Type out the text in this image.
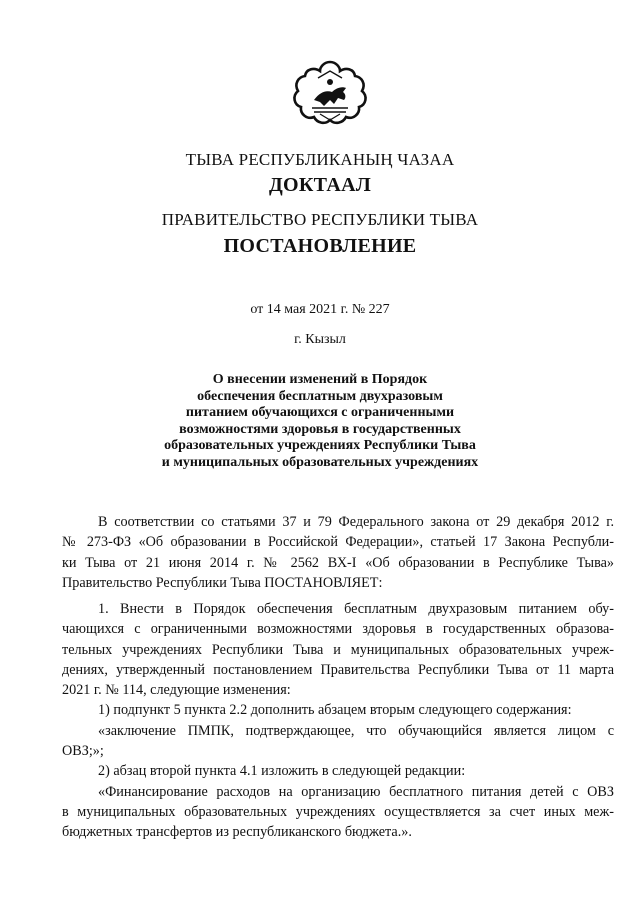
ТЫВА РЕСПУБЛИКАНЫҢ ЧАЗАА
ДОКТААЛ
ПРАВИТЕЛЬСТВО РЕСПУБЛИКИ ТЫВА
ПОСТАНОВЛЕНИЕ
от 14 мая 2021 г. № 227
г. Кызыл
О внесении изменений в Порядок
обеспечения бесплатным двухразовым
питанием обучающихся с ограниченными
возможностями здоровья в государственных
образовательных учреждениях Республики Тыва
и муниципальных образовательных учреждениях
В соответствии со статьями 37 и 79 Федерального закона от 29 декабря 2012 г.
№ 273-ФЗ «Об образовании в Российской Федерации», статьей 17 Закона Республи-
ки Тыва от 21 июня 2014 г. № 2562 ВХ-I «Об образовании в Республике Тыва»
Правительство Республики Тыва ПОСТАНОВЛЯЕТ:
1. Внести в Порядок обеспечения бесплатным двухразовым питанием обу-
чающихся с ограниченными возможностями здоровья в государственных образова-
тельных учреждениях Республики Тыва и муниципальных образовательных учреж-
дениях, утвержденный постановлением Правительства Республики Тыва от 11 марта
2021 г. № 114, следующие изменения:
1) подпункт 5 пункта 2.2 дополнить абзацем вторым следующего содержания:
«заключение ПМПК, подтверждающее, что обучающийся является лицом с
ОВЗ;»;
2) абзац второй пункта 4.1 изложить в следующей редакции:
«Финансирование расходов на организацию бесплатного питания детей с ОВЗ
в муниципальных образовательных учреждениях осуществляется за счет иных меж-
бюджетных трансфертов из республиканского бюджета.».
